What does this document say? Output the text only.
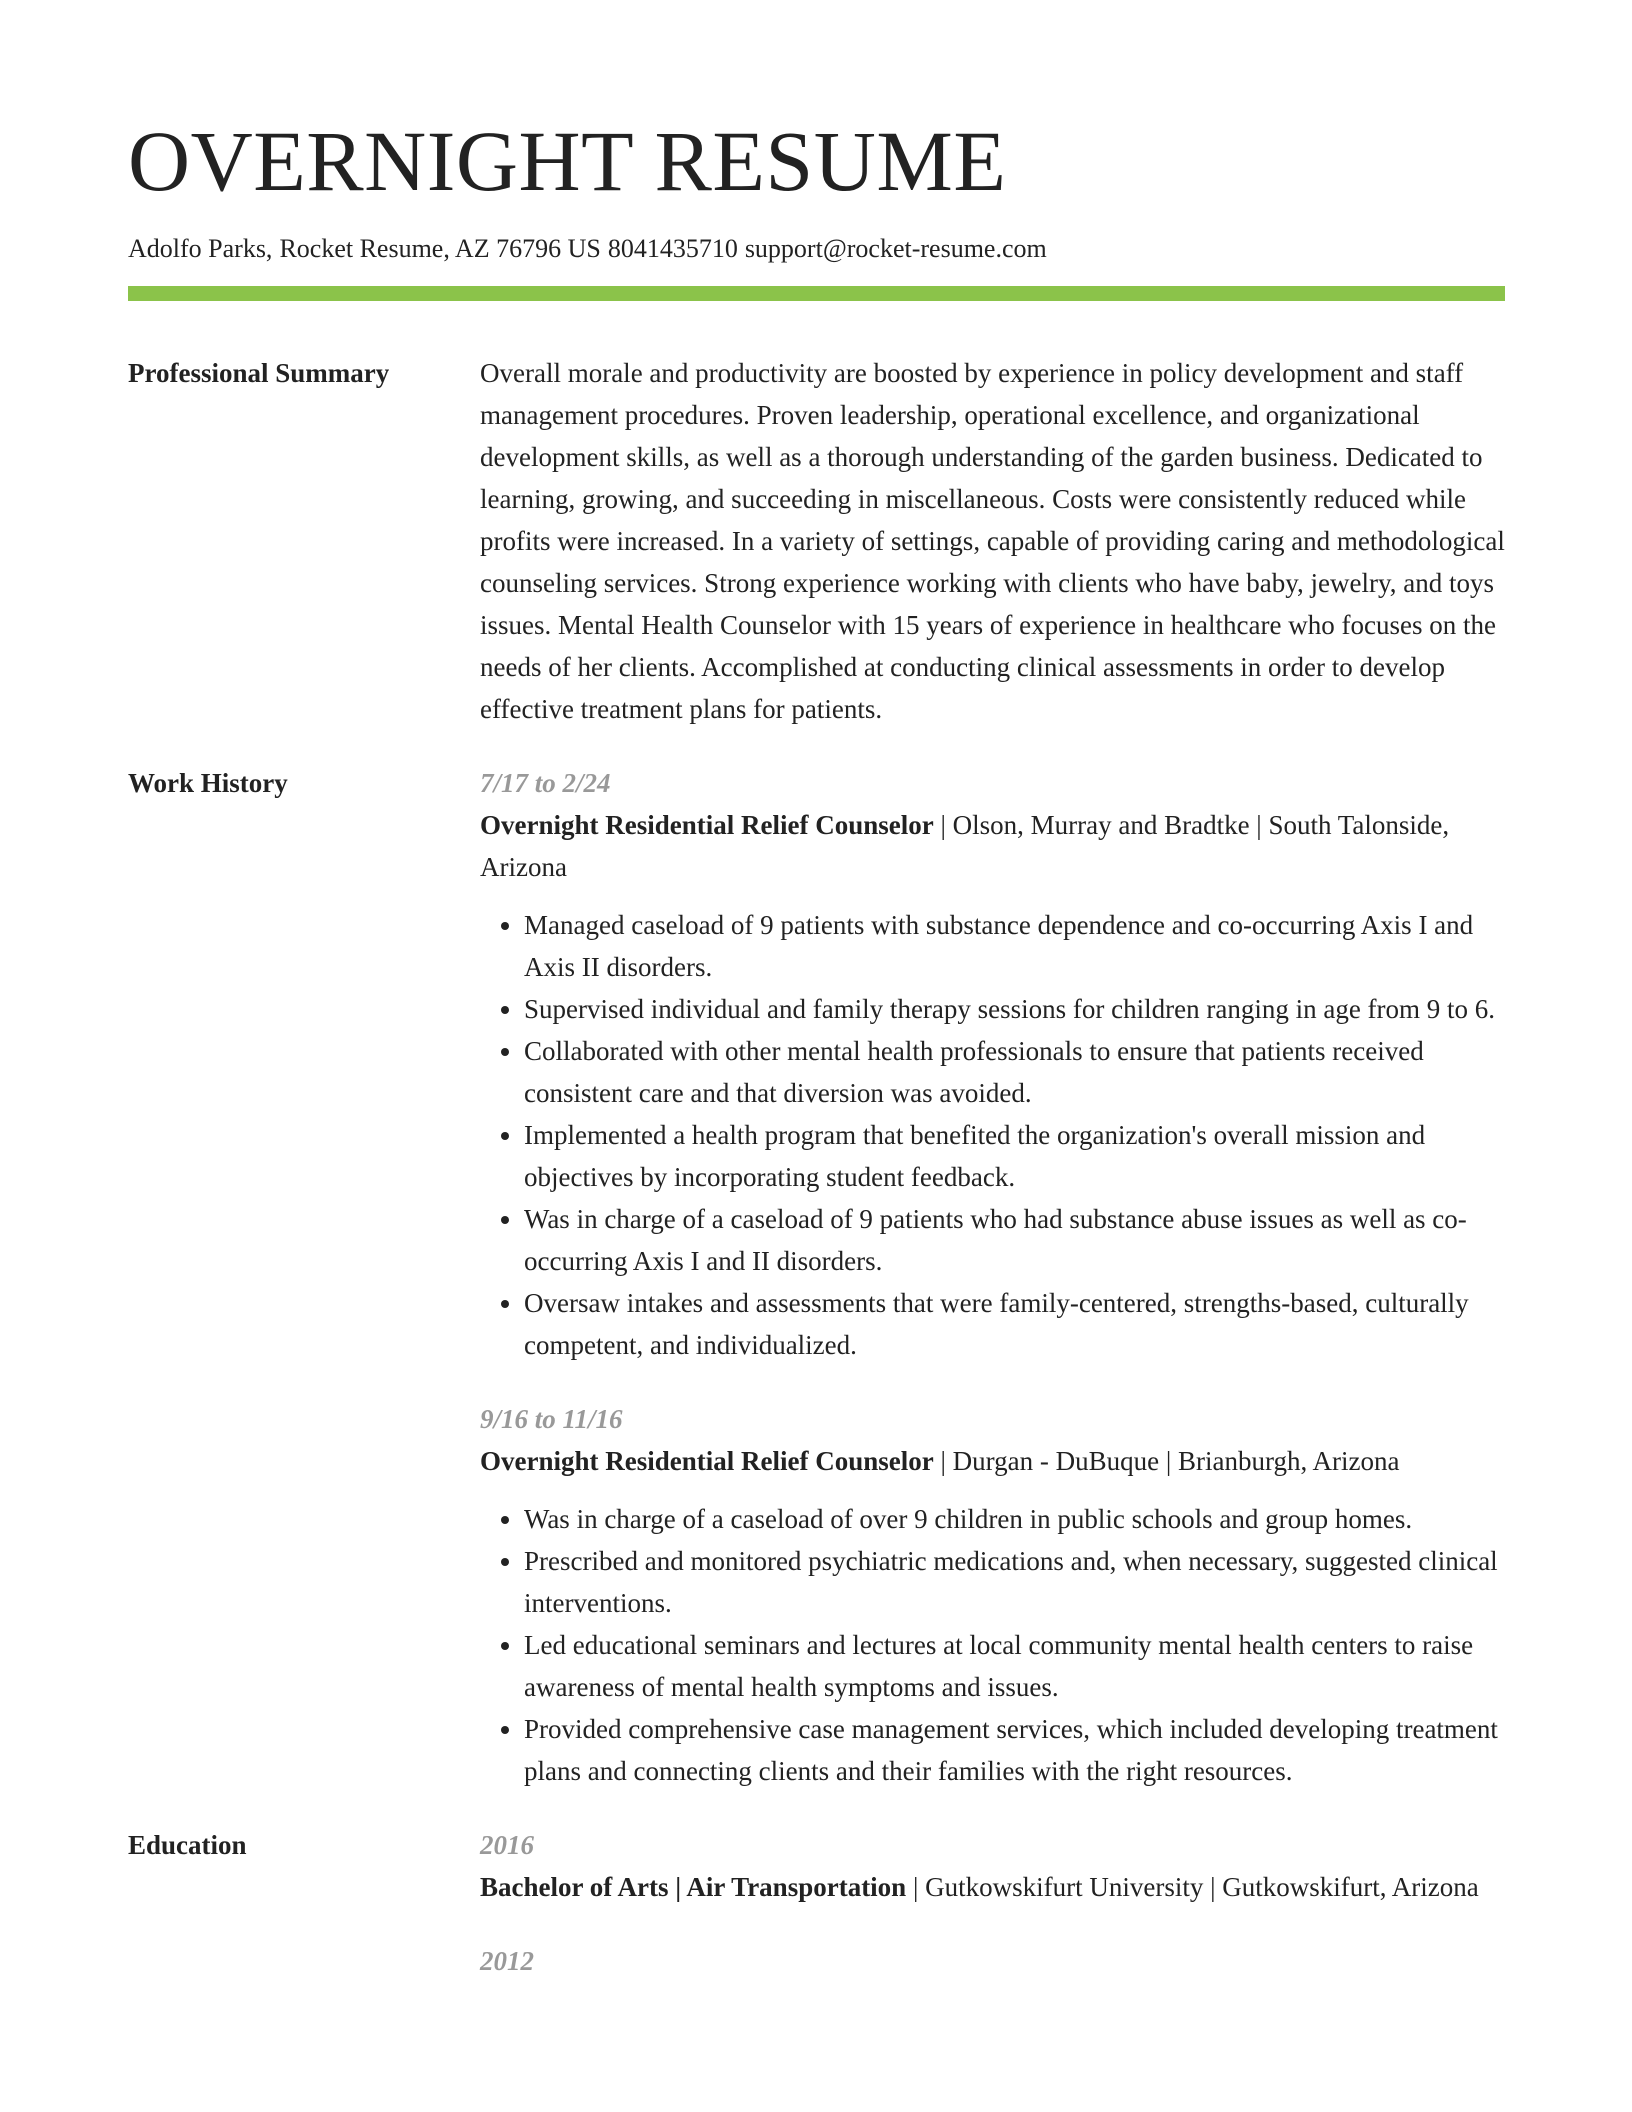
OVERNIGHT RESUME
Adolfo Parks, Rocket Resume, AZ 76796 US 8041435710 support@rocket-resume.com
Professional Summary	Overall morale and productivity are boosted by experience in policy development and staff management procedures. Proven leadership, operational excellence, and organizational development skills, as well as a thorough understanding of the garden business. Dedicated to learning, growing, and succeeding in miscellaneous. Costs were consistently reduced while profits were increased. In a variety of settings, capable of providing caring and methodological counseling services. Strong experience working with clients who have baby, jewelry, and toys issues. Mental Health Counselor with 15 years of experience in healthcare who focuses on the needs of her clients. Accomplished at conducting clinical assessments in order to develop effective treatment plans for patients.

Work History	7/17 to 2/24

Overnight Residential Relief Counselor | Olson, Murray and Bradtke | South Talonside, Arizona

• Managed caseload of 9 patients with substance dependence and co-occurring Axis I and Axis II disorders.
• Supervised individual and family therapy sessions for children ranging in age from 9 to 6.
• Collaborated with other mental health professionals to ensure that patients received consistent care and that diversion was avoided.
• Implemented a health program that benefited the organization's overall mission and objectives by incorporating student feedback.
• Was in charge of a caseload of 9 patients who had substance abuse issues as well as co-occurring Axis I and II disorders.
• Oversaw intakes and assessments that were family-centered, strengths-based, culturally competent, and individualized.
9/16 to 11/16

Overnight Residential Relief Counselor | Durgan - DuBuque | Brianburgh, Arizona

• Was in charge of a caseload of over 9 children in public schools and group homes.
• Prescribed and monitored psychiatric medications and, when necessary, suggested clinical interventions.
• Led educational seminars and lectures at local community mental health centers to raise awareness of mental health symptoms and issues.
• Provided comprehensive case management services, which included developing treatment plans and connecting clients and their families with the right resources.
Education	2016

Bachelor of Arts | Air Transportation | Gutkowskifurt University | Gutkowskifurt, Arizona

2012
